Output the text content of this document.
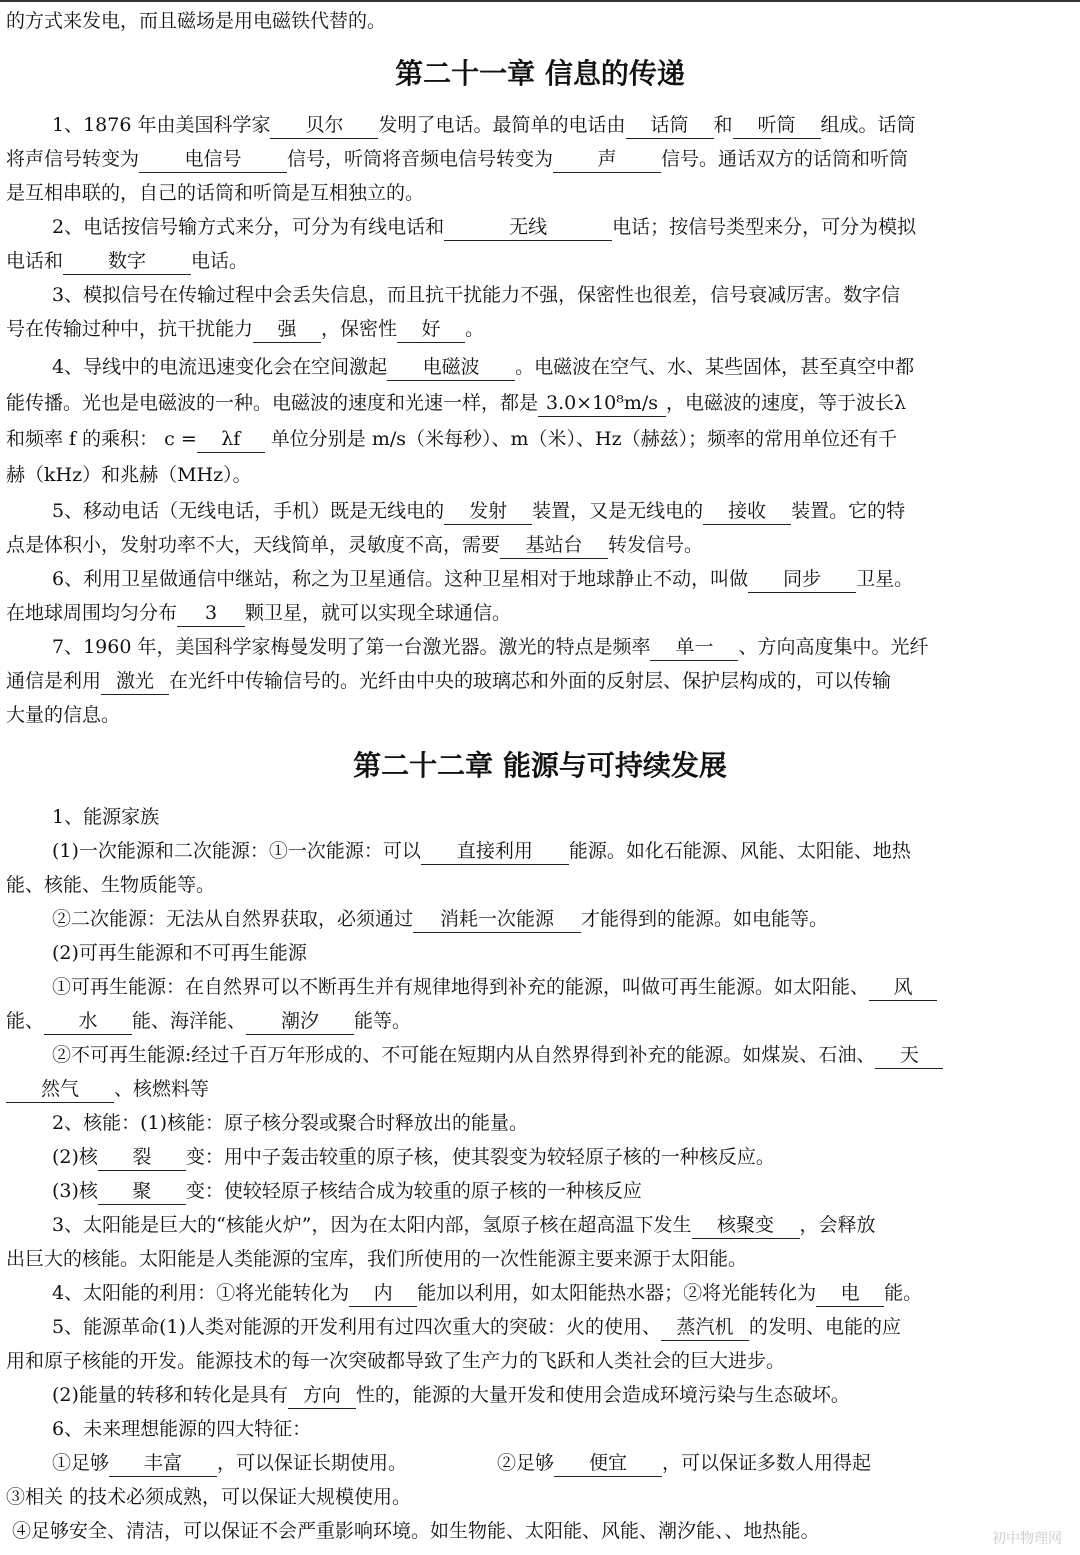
的方式来发电，而且磁场是用电磁铁代替的。
第二十一章 信息的传递
1、1876 年由美国科学家 贝尔 发明了电话。最简单的电话由 话筒 和 听筒 组成。话筒
将声信号转变为 电信号 信号，听筒将音频电信号转变为 声 信号。通话双方的话筒和听筒
是互相串联的，自己的话筒和听筒是互相独立的。
2、电话按信号输方式来分，可分为有线电话和	无线	电话；按信号类型来分，可分为模拟
电话和 数字 电话。
3、模拟信号在传输过程中会丢失信息，而且抗干扰能力不强，保密性也很差，信号衰减厉害。数字信
号在传输过种中，抗干扰能力 强 ，保密性 好 。
4、导线中的电流迅速变化会在空间激起 电磁波 。电磁波在空气、水、某些固体，甚至真空中都
能传播。光也是电磁波的一种。电磁波的速度和光速一样，都是 3.0×10⁸m/s ，电磁波的速度，等于波长λ
和频率 f 的乘积： c = λf 单位分别是 m/s（米每秒）、m（米）、Hz（赫兹）；频率的常用单位还有千
赫（kHz）和兆赫（MHz）。
5、移动电话（无线电话，手机）既是无线电的 发射 装置，又是无线电的 接收 装置。它的特
点是体积小，发射功率不大，天线简单，灵敏度不高，需要 基站台 转发信号。
6、利用卫星做通信中继站，称之为卫星通信。这种卫星相对于地球静止不动，叫做 同步 卫星。
在地球周围均匀分布 3 颗卫星，就可以实现全球通信。
7、1960 年，美国科学家梅曼发明了第一台激光器。激光的特点是频率 单一 、方向高度集中。光纤
通信是利用 激光 在光纤中传输信号的。光纤由中央的玻璃芯和外面的反射层、保护层构成的，可以传输
大量的信息。
第二十二章 能源与可持续发展
1、能源家族
(1)一次能源和二次能源：①一次能源：可以 直接利用 能源。如化石能源、风能、太阳能、地热
能、核能、生物质能等。
②二次能源：无法从自然界获取，必须通过 消耗一次能源 才能得到的能源。如电能等。
(2)可再生能源和不可再生能源
①可再生能源：在自然界可以不断再生并有规律地得到补充的能源，叫做可再生能源。如太阳能、 风
能、 水 能、海洋能、 潮汐 能等。
②不可再生能源:经过千百万年形成的、不可能在短期内从自然界得到补充的能源。如煤炭、石油、 天
然气 、核燃料等
2、核能：(1)核能：原子核分裂或聚合时释放出的能量。
(2)核 裂 变：用中子轰击较重的原子核，使其裂变为较轻原子核的一种核反应。
(3)核 聚 变：使较轻原子核结合成为较重的原子核的一种核反应
3、太阳能是巨大的“核能火炉”，因为在太阳内部，氢原子核在超高温下发生 核聚变 ，会释放
出巨大的核能。太阳能是人类能源的宝库，我们所使用的一次性能源主要来源于太阳能。
4、太阳能的利用：①将光能转化为 内 能加以利用，如太阳能热水器；②将光能转化为 电 能。
5、能源革命(1)人类对能源的开发利用有过四次重大的突破：火的使用、 蒸汽机 的发明、电能的应
用和原子核能的开发。能源技术的每一次突破都导致了生产力的飞跃和人类社会的巨大进步。
(2)能量的转移和转化是具有 方向 性的，能源的大量开发和使用会造成环境污染与生态破坏。
6、未来理想能源的四大特征：
①足够 丰富 ，可以保证长期使用。	②足够 便宜 ，可以保证多数人用得起
③相关 的技术必须成熟，可以保证大规模使用。
④足够安全、清洁，可以保证不会严重影响环境。如生物能、太阳能、风能、潮汐能、、地热能。	初中物理网
